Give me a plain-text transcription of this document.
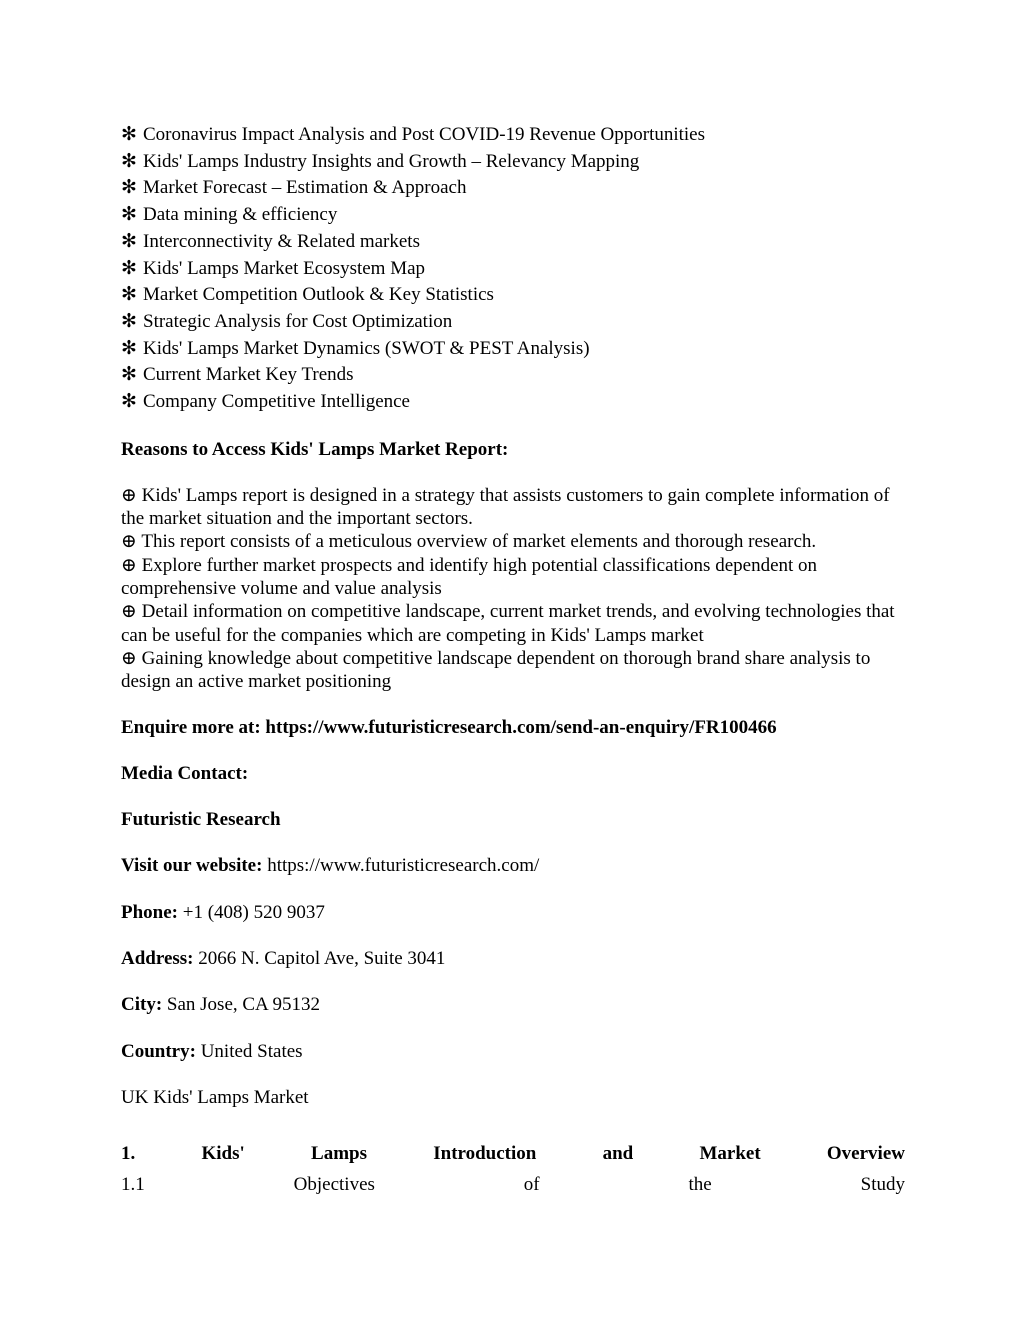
✻ Coronavirus Impact Analysis and Post COVID-19 Revenue Opportunities
✻ Kids' Lamps Industry Insights and Growth – Relevancy Mapping
✻ Market Forecast – Estimation & Approach
✻ Data mining & efficiency
✻ Interconnectivity & Related markets
✻ Kids' Lamps Market Ecosystem Map
✻ Market Competition Outlook & Key Statistics
✻ Strategic Analysis for Cost Optimization
✻ Kids' Lamps Market Dynamics (SWOT & PEST Analysis)
✻ Current Market Key Trends
✻ Company Competitive Intelligence

Reasons to Access Kids' Lamps Market Report:

⊕ Kids' Lamps report is designed in a strategy that assists customers to gain complete information of the market situation and the important sectors.

⊕ This report consists of a meticulous overview of market elements and thorough research.

⊕ Explore further market prospects and identify high potential classifications dependent on comprehensive volume and value analysis

⊕ Detail information on competitive landscape, current market trends, and evolving technologies that can be useful for the companies which are competing in Kids' Lamps market

⊕ Gaining knowledge about competitive landscape dependent on thorough brand share analysis to design an active market positioning

Enquire more at: https://www.futuristicresearch.com/send-an-enquiry/FR100466

Media Contact:

Futuristic Research

Visit our website: https://www.futuristicresearch.com/

Phone: +1 (408) 520 9037

Address: 2066 N. Capitol Ave, Suite 3041

City: San Jose, CA 95132

Country: United States

UK Kids' Lamps Market

1.	Kids'	Lamps	Introduction	and	Market	Overview
1.1	Objectives	of	the	Study
